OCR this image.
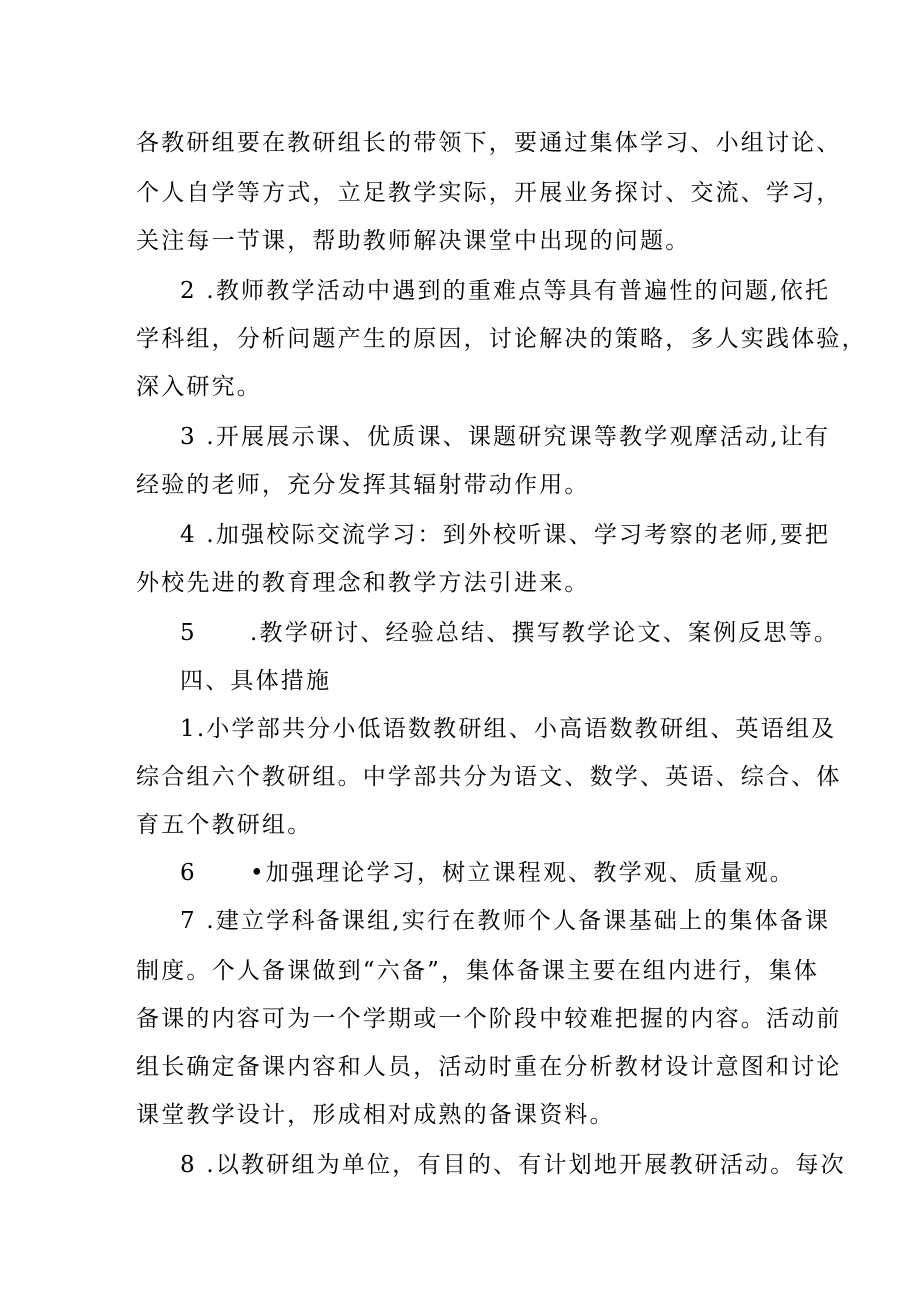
各教研组要在教研组长的带领下，要通过集体学习、小组讨论、
个人自学等方式，立足教学实际，开展业务探讨、交流、学习，
关注每一节课，帮助教师解决课堂中出现的问题。
2 .教师教学活动中遇到的重难点等具有普遍性的问题,依托
学科组，分析问题产生的原因，讨论解决的策略，多人实践体验，
深入研究。
3 .开展展示课、优质课、课题研究课等教学观摩活动,让有
经验的老师，充分发挥其辐射带动作用。
4 .加强校际交流学习：到外校听课、学习考察的老师,要把
外校先进的教育理念和教学方法引进来。
5 .教学研讨、经验总结、撰写教学论文、案例反思等。
四、具体措施
1.小学部共分小低语数教研组、小高语数教研组、英语组及
综合组六个教研组。中学部共分为语文、数学、英语、综合、体
育五个教研组。
6 •加强理论学习，树立课程观、教学观、质量观。
7 .建立学科备课组,实行在教师个人备课基础上的集体备课
制度。个人备课做到“六备”，集体备课主要在组内进行，集体
备课的内容可为一个学期或一个阶段中较难把握的内容。活动前
组长确定备课内容和人员，活动时重在分析教材设计意图和讨论
课堂教学设计，形成相对成熟的备课资料。
8 .以教研组为单位，有目的、有计划地开展教研活动。每次
